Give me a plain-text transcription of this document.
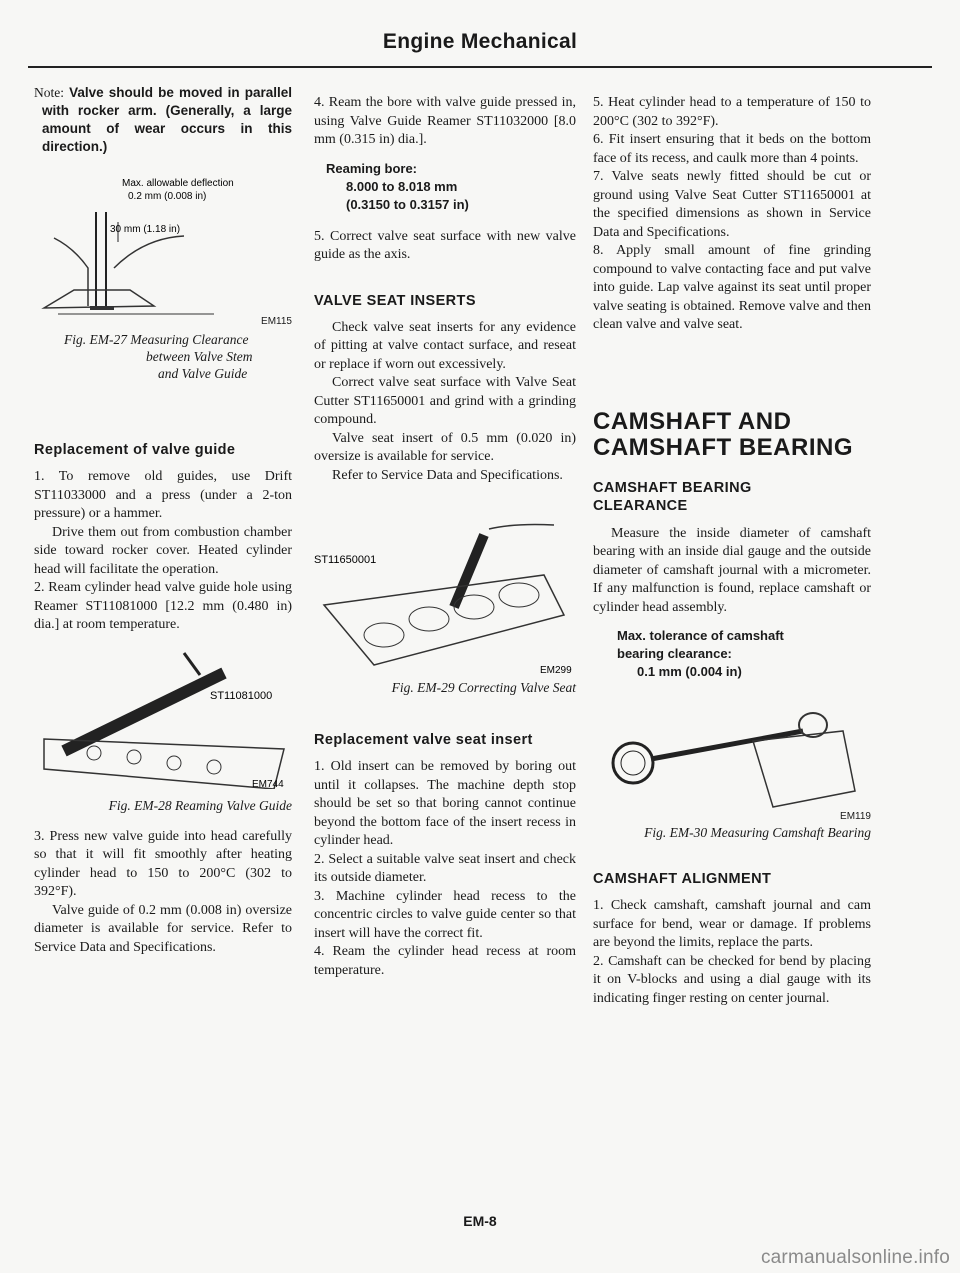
Engine Mechanical

Note: Valve should be moved in parallel with rocker arm. (Generally, a large amount of wear occurs in this direction.)

Max. allowable deflection
0.2 mm (0.008 in)
30 mm (1.18 in)
EM115
Fig. EM-27 Measuring Clearance
between Valve Stem
and Valve Guide
Replacement of valve guide

1. To remove old guides, use Drift ST11033000 and a press (under a 2-ton pressure) or a hammer.

Drive them out from combustion chamber side toward rocker cover. Heated cylinder head will facilitate the operation.

2. Ream cylinder head valve guide hole using Reamer ST11081000 [12.2 mm (0.480 in) dia.] at room temperature.

ST11081000
EM744
Fig. EM-28 Reaming Valve Guide

3. Press new valve guide into head carefully so that it will fit smoothly after heating cylinder head to 150 to 200°C (302 to 392°F).

Valve guide of 0.2 mm (0.008 in) oversize diameter is available for service. Refer to Service Data and Specifications.

4. Ream the bore with valve guide pressed in, using Valve Guide Reamer ST11032000 [8.0 mm (0.315 in) dia.].

Reaming bore:
8.000 to 8.018 mm
(0.3150 to 0.3157 in)

5. Correct valve seat surface with new valve guide as the axis.

VALVE SEAT INSERTS

Check valve seat inserts for any evidence of pitting at valve contact surface, and reseat or replace if worn out excessively.

Correct valve seat surface with Valve Seat Cutter ST11650001 and grind with a grinding compound.

Valve seat insert of 0.5 mm (0.020 in) oversize is available for service.

Refer to Service Data and Specifications.

ST11650001
EM299
Fig. EM-29 Correcting Valve Seat
Replacement valve seat insert

1. Old insert can be removed by boring out until it collapses. The machine depth stop should be set so that boring cannot continue beyond the bottom face of the insert recess in cylinder head.

2. Select a suitable valve seat insert and check its outside diameter.

3. Machine cylinder head recess to the concentric circles to valve guide center so that insert will have the correct fit.

4. Ream the cylinder head recess at room temperature.

5. Heat cylinder head to a temperature of 150 to 200°C (302 to 392°F).

6. Fit insert ensuring that it beds on the bottom face of its recess, and caulk more than 4 points.

7. Valve seats newly fitted should be cut or ground using Valve Seat Cutter ST11650001 at the specified dimensions as shown in Service Data and Specifications.

8. Apply small amount of fine grinding compound to valve contacting face and put valve into guide. Lap valve against its seat until proper valve seating is obtained. Remove valve and then clean valve and valve seat.

CAMSHAFT AND
CAMSHAFT BEARING
CAMSHAFT BEARING
CLEARANCE

Measure the inside diameter of camshaft bearing with an inside dial gauge and the outside diameter of camshaft journal with a micrometer. If any malfunction is found, replace camshaft or cylinder head assembly.

Max. tolerance of camshaft
bearing clearance:
0.1 mm (0.004 in)
EM119
Fig. EM-30 Measuring Camshaft Bearing
CAMSHAFT ALIGNMENT

1. Check camshaft, camshaft journal and cam surface for bend, wear or damage. If problems are beyond the limits, replace the parts.

2. Camshaft can be checked for bend by placing it on V-blocks and using a dial gauge with its indicating finger resting on center journal.

EM-8
carmanualsonline.info
